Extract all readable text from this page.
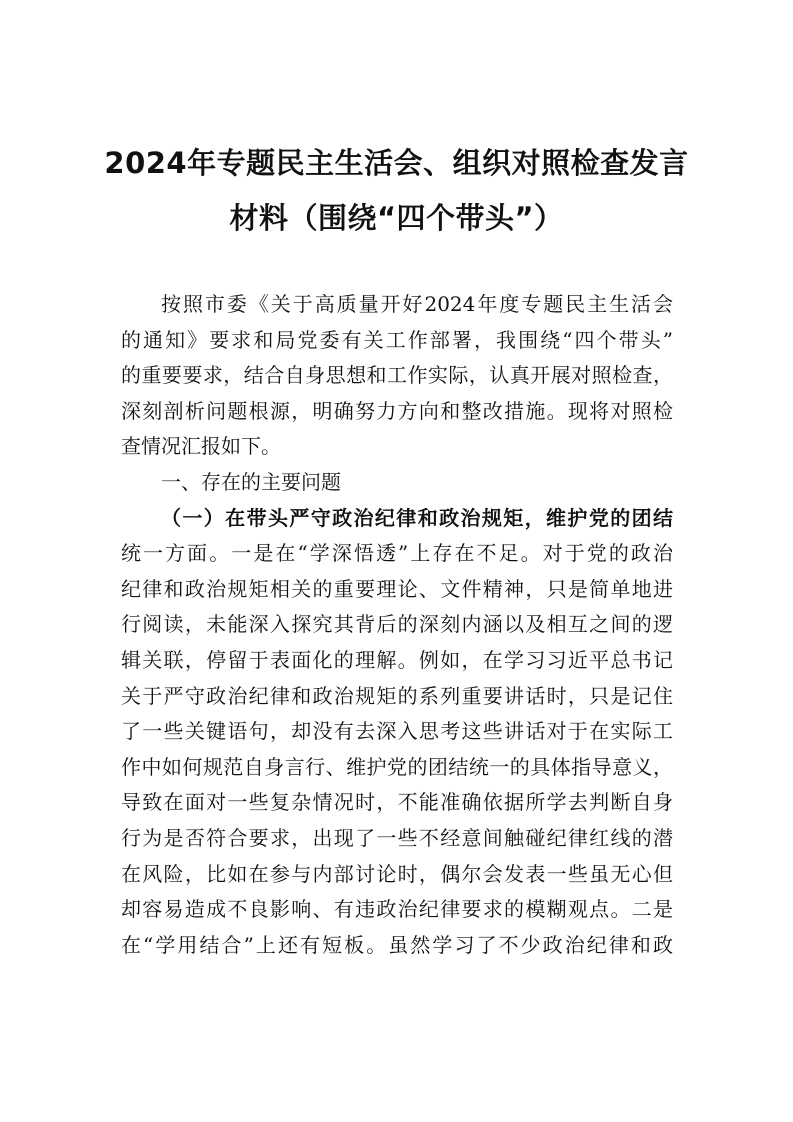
2024年专题民主生活会、组织对照检查发言
材料（围绕“四个带头”）
按照市委《关于高质量开好2024年度专题民主生活会
的通知》要求和局党委有关工作部署，我围绕“四个带头”
的重要要求，结合自身思想和工作实际，认真开展对照检查，
深刻剖析问题根源，明确努力方向和整改措施。现将对照检
查情况汇报如下。
一、存在的主要问题
（一）在带头严守政治纪律和政治规矩，维护党的团结
统一方面。一是在“学深悟透”上存在不足。对于党的政治
纪律和政治规矩相关的重要理论、文件精神，只是简单地进
行阅读，未能深入探究其背后的深刻内涵以及相互之间的逻
辑关联，停留于表面化的理解。例如，在学习习近平总书记
关于严守政治纪律和政治规矩的系列重要讲话时，只是记住
了一些关键语句，却没有去深入思考这些讲话对于在实际工
作中如何规范自身言行、维护党的团结统一的具体指导意义，
导致在面对一些复杂情况时，不能准确依据所学去判断自身
行为是否符合要求，出现了一些不经意间触碰纪律红线的潜
在风险，比如在参与内部讨论时，偶尔会发表一些虽无心但
却容易造成不良影响、有违政治纪律要求的模糊观点。二是
在“学用结合”上还有短板。虽然学习了不少政治纪律和政
